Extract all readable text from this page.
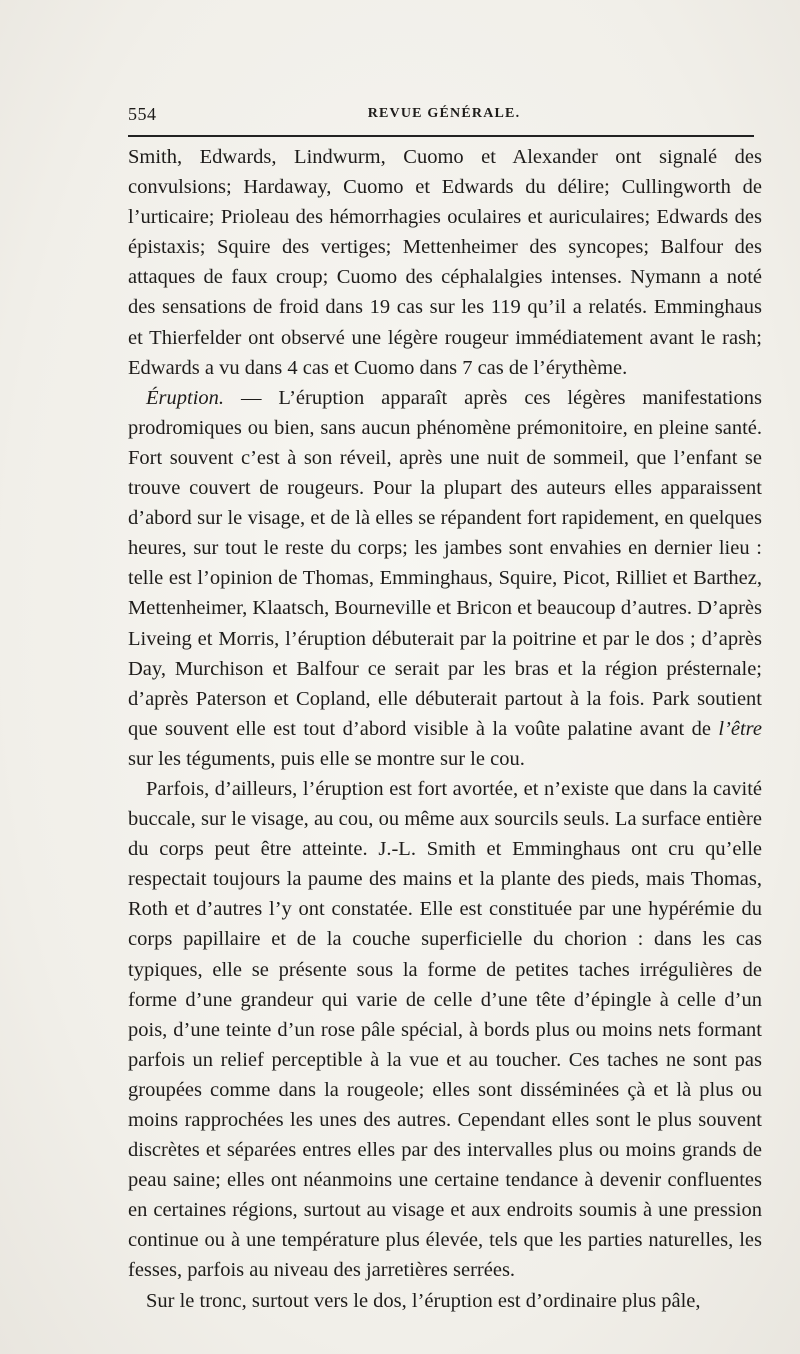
554	REVUE GÉNÉRALE.

Smith, Edwards, Lindwurm, Cuomo et Alexander ont signalé des convulsions; Hardaway, Cuomo et Edwards du délire; Cullingworth de l’urticaire; Prioleau des hémorrhagies oculaires et auriculaires; Edwards des épistaxis; Squire des vertiges; Mettenheimer des syncopes; Balfour des attaques de faux croup; Cuomo des céphalalgies intenses. Nymann a noté des sensations de froid dans 19 cas sur les 119 qu’il a relatés. Emminghaus et Thierfelder ont observé une légère rougeur immédiatement avant le rash; Edwards a vu dans 4 cas et Cuomo dans 7 cas de l’érythème.

Éruption. — L’éruption apparaît après ces légères manifestations prodromiques ou bien, sans aucun phénomène prémonitoire, en pleine santé. Fort souvent c’est à son réveil, après une nuit de sommeil, que l’enfant se trouve couvert de rougeurs. Pour la plupart des auteurs elles apparaissent d’abord sur le visage, et de là elles se répandent fort rapidement, en quelques heures, sur tout le reste du corps; les jambes sont envahies en dernier lieu : telle est l’opinion de Thomas, Emminghaus, Squire, Picot, Rilliet et Barthez, Mettenheimer, Klaatsch, Bourneville et Bricon et beaucoup d’autres. D’après Liveing et Morris, l’éruption débuterait par la poitrine et par le dos ; d’après Day, Murchison et Balfour ce serait par les bras et la région présternale; d’après Paterson et Copland, elle débuterait partout à la fois. Park soutient que souvent elle est tout d’abord visible à la voûte palatine avant de l’être sur les téguments, puis elle se montre sur le cou.

Parfois, d’ailleurs, l’éruption est fort avortée, et n’existe que dans la cavité buccale, sur le visage, au cou, ou même aux sourcils seuls. La surface entière du corps peut être atteinte. J.-L. Smith et Emminghaus ont cru qu’elle respectait toujours la paume des mains et la plante des pieds, mais Thomas, Roth et d’autres l’y ont constatée. Elle est constituée par une hypérémie du corps papillaire et de la couche superficielle du chorion : dans les cas typiques, elle se présente sous la forme de petites taches irrégulières de forme d’une grandeur qui varie de celle d’une tête d’épingle à celle d’un pois, d’une teinte d’un rose pâle spécial, à bords plus ou moins nets formant parfois un relief perceptible à la vue et au toucher. Ces taches ne sont pas groupées comme dans la rougeole; elles sont disséminées çà et là plus ou moins rapprochées les unes des autres. Cependant elles sont le plus souvent discrètes et séparées entres elles par des intervalles plus ou moins grands de peau saine; elles ont néanmoins une certaine tendance à devenir confluentes en certaines régions, surtout au visage et aux endroits soumis à une pression continue ou à une température plus élevée, tels que les parties naturelles, les fesses, parfois au niveau des jarretières serrées.

Sur le tronc, surtout vers le dos, l’éruption est d’ordinaire plus pâle,
